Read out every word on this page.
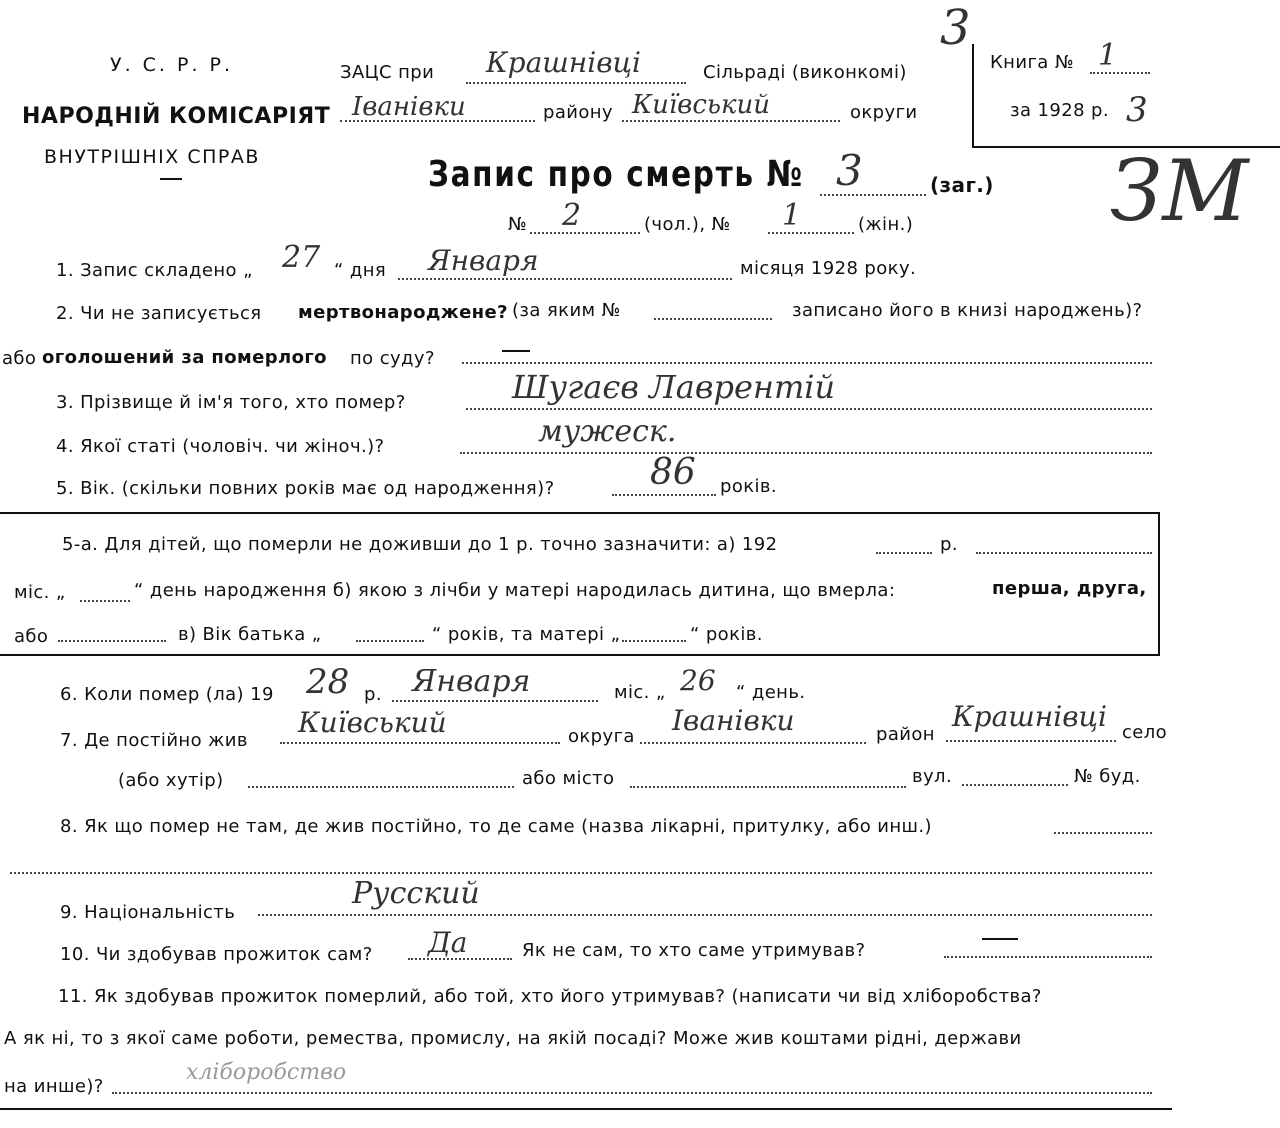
У. С. Р. Р.
НАРОДНІЙ КОМІСАРІЯТ
ВНУТРІШНІХ СПРАВ
ЗАЦС при Крашнівці	Сільраді (виконкомі)
Іванівки	району Київський	округи
3
Книга № 1
за 1928 р. 3
Запис про смерть № 3	(заг.) ЗМ
№ 2	(чол.), № 1	(жін.)
1. Запис складено „ 27 “ дня Января	місяця 1928 року.
2. Чи не записується мертвонароджене? (за яким №	записано його в книзі народжень)?
або оголошений за померлого по суду?
3. Прізвище й ім'я того, хто помер?	Шугаєв Лаврентій
4. Якої статі (чоловіч. чи жіноч.)?	мужеск.
5. Вік. (скільки повних років має од народження)?	86 років.
5-а. Для дітей, що померли не доживши до 1 р. точно зазначити: а) 192	р.
міс. „	“ день народження б) якою з лічби у матері народилась дитина, що вмерла:	перша, друга,
або	в) Вік батька „	“ років, та матері „	“ років.
6. Коли помер (ла) 19 28 р. Января	міс. „ 26 “ день.
7. Де постійно жив
Київський	округа Іванівки	район
Крашнівці село
(або хутір)	або місто	вул.	№ буд.
8. Як що помер не там, де жив постійно, то де саме (назва лікарні, притулку, або инш.)
9. Національність
Русский
10. Чи здобував прожиток сам? Да	Як не сам, то хто саме утримував?
11. Як здобував прожиток померлий, або той, хто його утримував? (написати чи від хліборобства?
А як ні, то з якої саме роботи, ремества, промислу, на якій посаді? Може жив коштами рідні, держави
на инше)?
хліборобство
